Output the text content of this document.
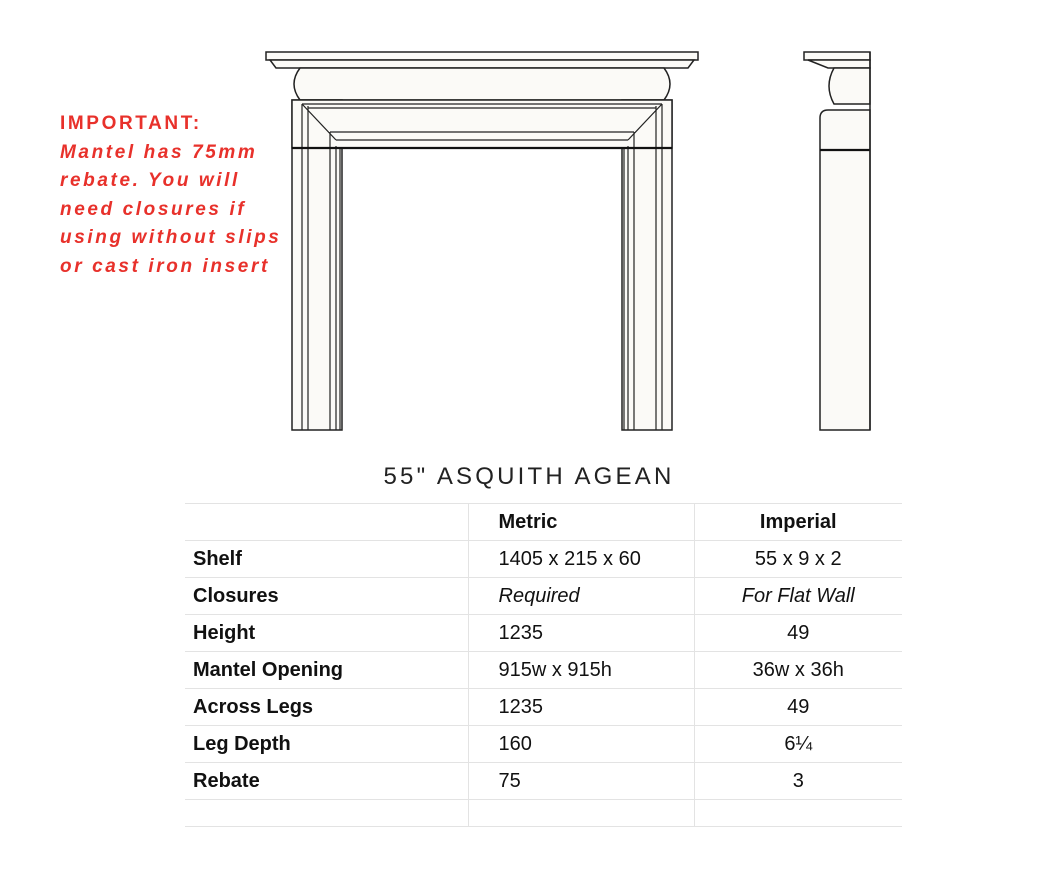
IMPORTANT:
Mantel has 75mm rebate. You will need closures if using without slips or cast iron insert
55" ASQUITH AGEAN
	Metric	Imperial
Shelf	1405 x 215 x 60	55 x 9 x 2
Closures	Required	For Flat Wall
Height	1235	49
Mantel Opening	915w x 915h	36w x 36h
Across Legs	1235	49
Leg Depth	160	6¼
Rebate	75	3
